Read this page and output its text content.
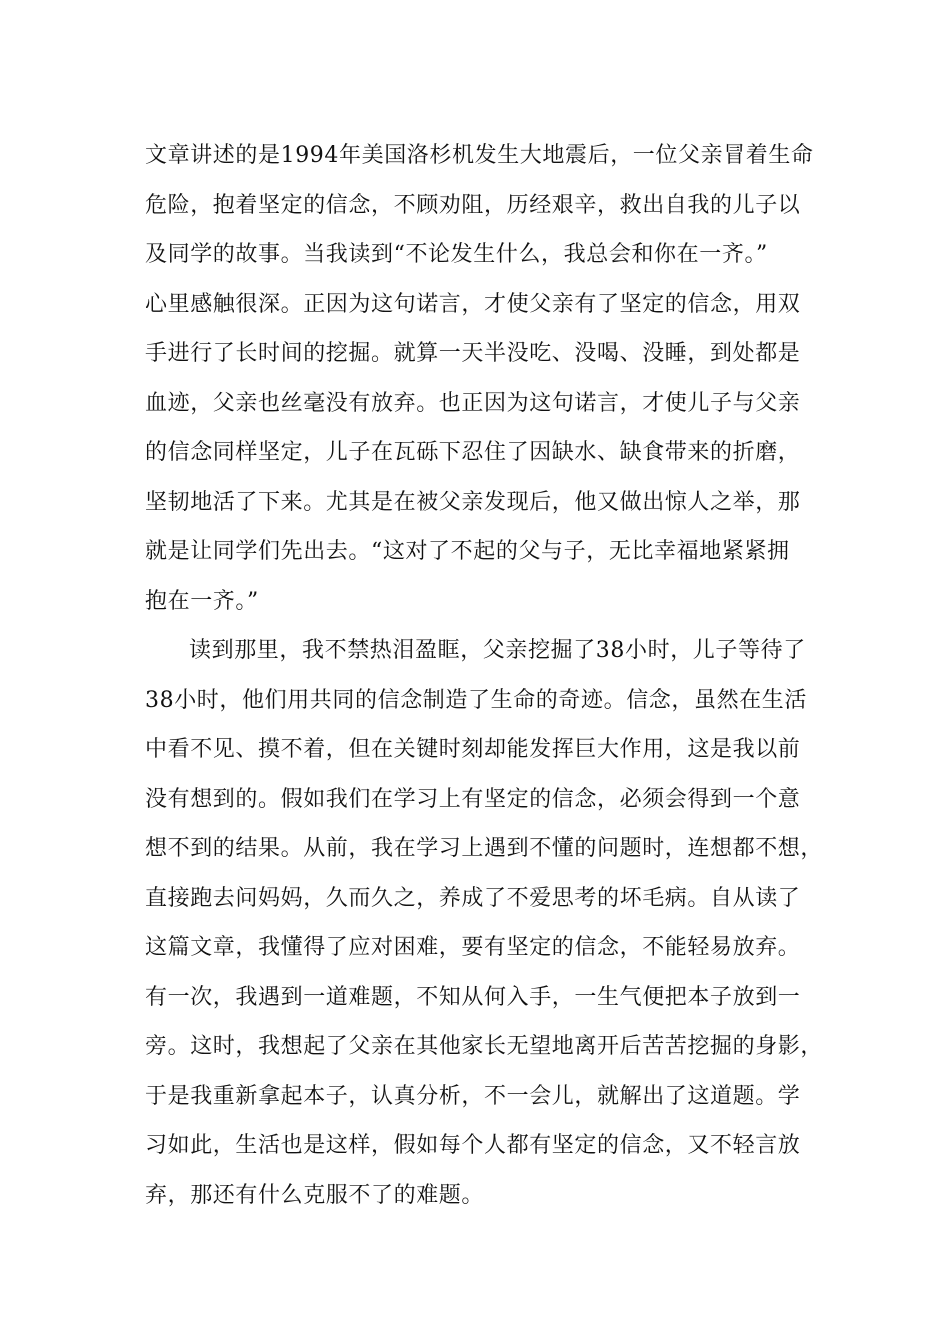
文章讲述的是1994年美国洛杉机发生大地震后，一位父亲冒着生命
危险，抱着坚定的信念，不顾劝阻，历经艰辛，救出自我的儿子以
及同学的故事。当我读到“不论发生什么，我总会和你在一齐。”
心里感触很深。正因为这句诺言，才使父亲有了坚定的信念，用双
手进行了长时间的挖掘。就算一天半没吃、没喝、没睡，到处都是
血迹，父亲也丝毫没有放弃。也正因为这句诺言，才使儿子与父亲
的信念同样坚定，儿子在瓦砾下忍住了因缺水、缺食带来的折磨，
坚韧地活了下来。尤其是在被父亲发现后，他又做出惊人之举，那
就是让同学们先出去。“这对了不起的父与子，无比幸福地紧紧拥
抱在一齐。”
读到那里，我不禁热泪盈眶，父亲挖掘了38小时，儿子等待了
38小时，他们用共同的信念制造了生命的奇迹。信念，虽然在生活
中看不见、摸不着，但在关键时刻却能发挥巨大作用，这是我以前
没有想到的。假如我们在学习上有坚定的信念，必须会得到一个意
想不到的结果。从前，我在学习上遇到不懂的问题时，连想都不想，
直接跑去问妈妈，久而久之，养成了不爱思考的坏毛病。自从读了
这篇文章，我懂得了应对困难，要有坚定的信念，不能轻易放弃。
有一次，我遇到一道难题，不知从何入手，一生气便把本子放到一
旁。这时，我想起了父亲在其他家长无望地离开后苦苦挖掘的身影，
于是我重新拿起本子，认真分析，不一会儿，就解出了这道题。学
习如此，生活也是这样，假如每个人都有坚定的信念，又不轻言放
弃，那还有什么克服不了的难题。
